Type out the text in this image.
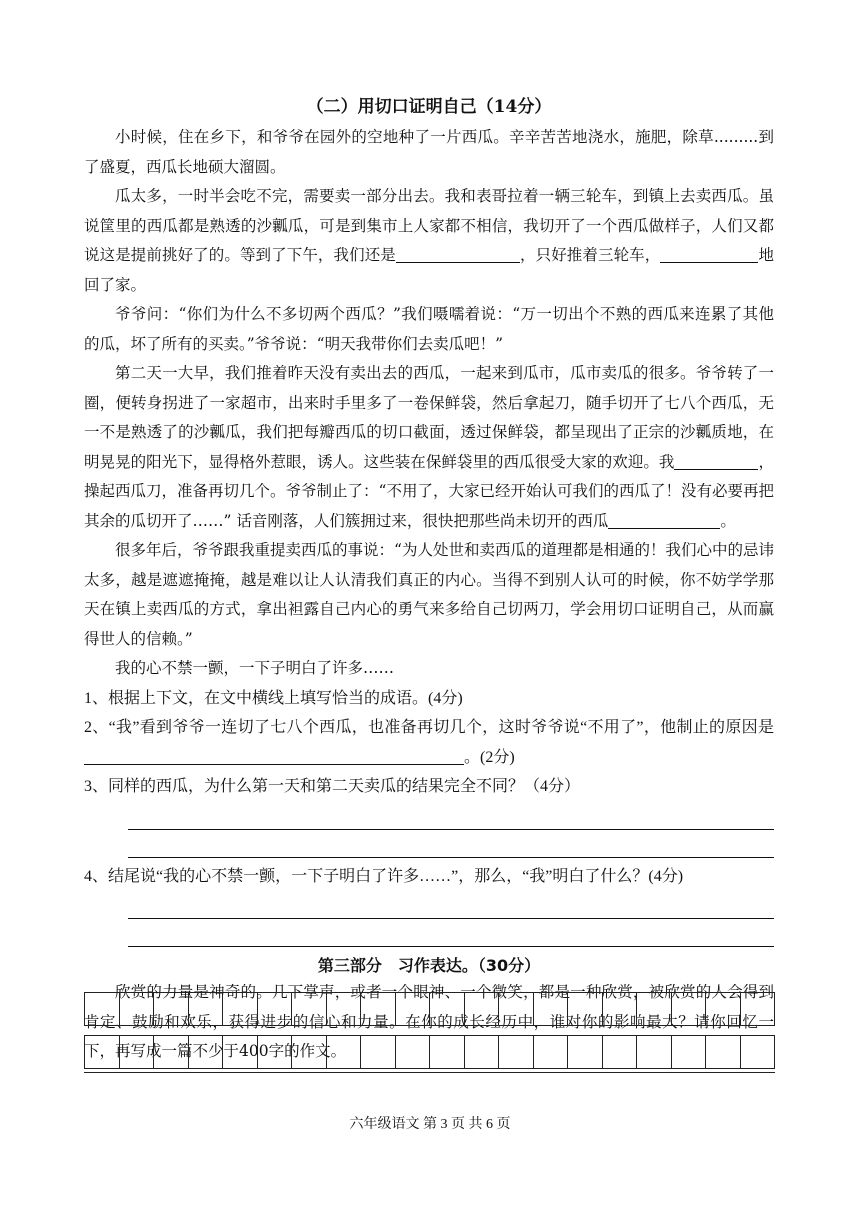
（二）用切口证明自己（14分）

小时候，住在乡下，和爷爷在园外的空地种了一片西瓜。辛辛苦苦地浇水，施肥，除草.........到了盛夏，西瓜长地硕大溜圆。

瓜太多，一时半会吃不完，需要卖一部分出去。我和表哥拉着一辆三轮车，到镇上去卖西瓜。虽说筐里的西瓜都是熟透的沙瓤瓜，可是到集市上人家都不相信，我切开了一个西瓜做样子，人们又都说这是提前挑好了的。等到了下午，我们还是	，只好推着三轮车，	地回了家。

爷爷问：“你们为什么不多切两个西瓜？”我们嗫嚅着说：“万一切出个不熟的西瓜来连累了其他的瓜，坏了所有的买卖。”爷爷说：“明天我带你们去卖瓜吧！”

第二天一大早，我们推着昨天没有卖出去的西瓜，一起来到瓜市，瓜市卖瓜的很多。爷爷转了一圈，便转身拐进了一家超市，出来时手里多了一卷保鲜袋，然后拿起刀，随手切开了七八个西瓜，无一不是熟透了的沙瓤瓜，我们把每瓣西瓜的切口截面，透过保鲜袋，都呈现出了正宗的沙瓤质地，在明晃晃的阳光下，显得格外惹眼，诱人。这些装在保鲜袋里的西瓜很受大家的欢迎。我	，操起西瓜刀，准备再切几个。爷爷制止了：“不用了，大家已经开始认可我们的西瓜了！没有必要再把其余的瓜切开了……” 话音刚落，人们簇拥过来，很快把那些尚未切开的西瓜	。

很多年后，爷爷跟我重提卖西瓜的事说：“为人处世和卖西瓜的道理都是相通的！我们心中的忌讳太多，越是遮遮掩掩，越是难以让人认清我们真正的内心。当得不到别人认可的时候，你不妨学学那天在镇上卖西瓜的方式，拿出袒露自己内心的勇气来多给自己切两刀，学会用切口证明自己，从而赢得世人的信赖。”

我的心不禁一颤，一下子明白了许多……

1、根据上下文，在文中横线上填写恰当的成语。(4分)

2、“我”看到爷爷一连切了七八个西瓜，也准备再切几个，这时爷爷说“不用了”，他制止的原因是。(2分)

3、同样的西瓜，为什么第一天和第二天卖瓜的结果完全不同？（4分）

4、结尾说“我的心不禁一颤，一下子明白了许多……”，那么，“我”明白了什么？(4分)

第三部分　习作表达。（30分）

欣赏的力量是神奇的。几下掌声，或者一个眼神、一个微笑，都是一种欣赏，被欣赏的人会得到肯定、鼓励和欢乐，获得进步的信心和力量。在你的成长经历中，谁对你的影响最大？请你回忆一下，再写成一篇不少于400字的作文。

六年级语文 第 3 页 共 6 页
